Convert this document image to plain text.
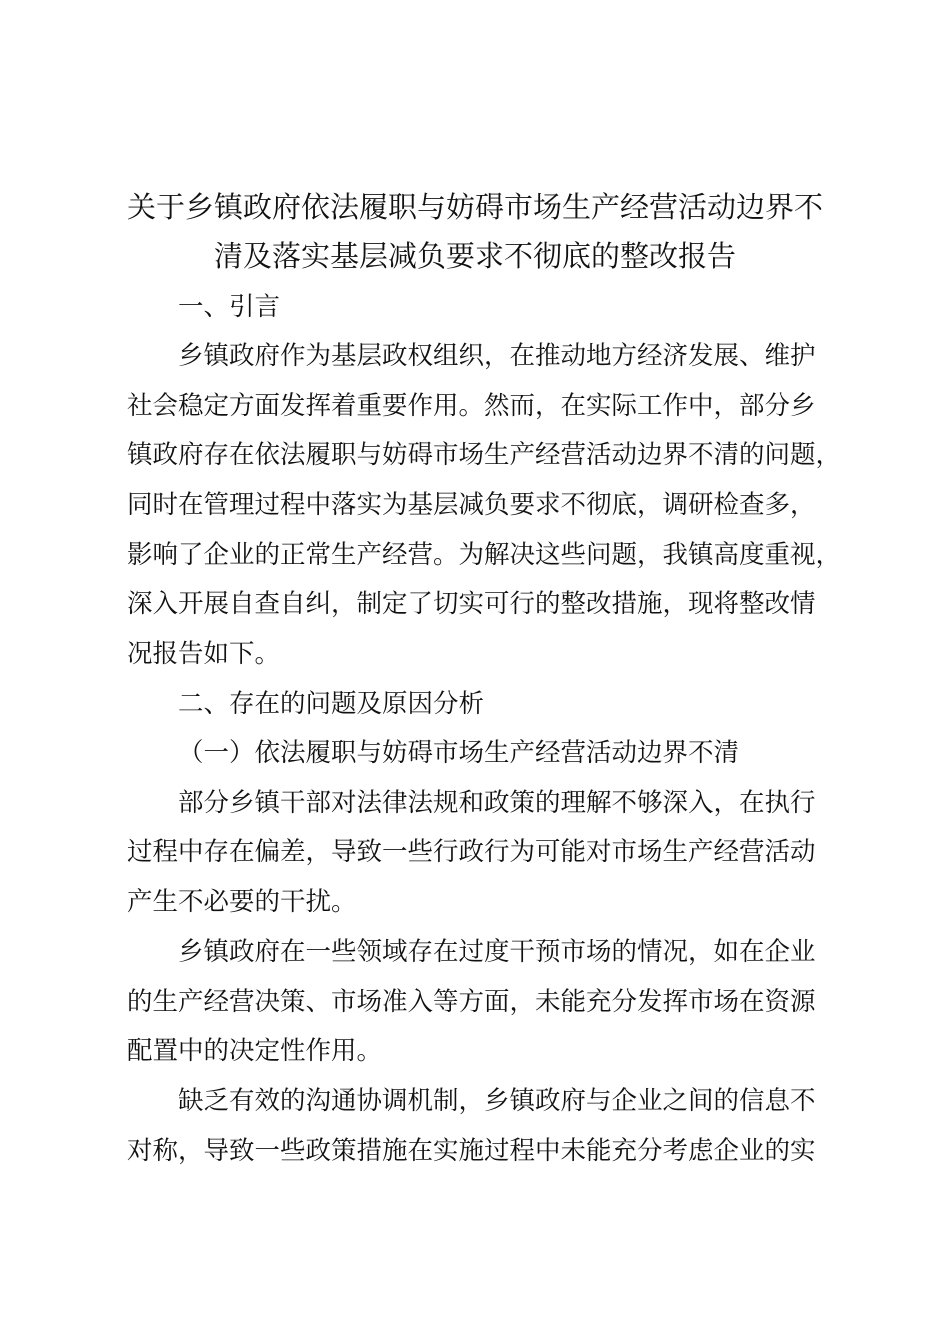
关于乡镇政府依法履职与妨碍市场生产经营活动边界不
清及落实基层减负要求不彻底的整改报告
一、引言
乡镇政府作为基层政权组织，在推动地方经济发展、维护
社会稳定方面发挥着重要作用。然而，在实际工作中，部分乡
镇政府存在依法履职与妨碍市场生产经营活动边界不清的问题，
同时在管理过程中落实为基层减负要求不彻底，调研检查多，
影响了企业的正常生产经营。为解决这些问题，我镇高度重视，
深入开展自查自纠，制定了切实可行的整改措施，现将整改情
况报告如下。
二、存在的问题及原因分析
（一）依法履职与妨碍市场生产经营活动边界不清
部分乡镇干部对法律法规和政策的理解不够深入，在执行
过程中存在偏差，导致一些行政行为可能对市场生产经营活动
产生不必要的干扰。
乡镇政府在一些领域存在过度干预市场的情况，如在企业
的生产经营决策、市场准入等方面，未能充分发挥市场在资源
配置中的决定性作用。
缺乏有效的沟通协调机制，乡镇政府与企业之间的信息不
对称，导致一些政策措施在实施过程中未能充分考虑企业的实
